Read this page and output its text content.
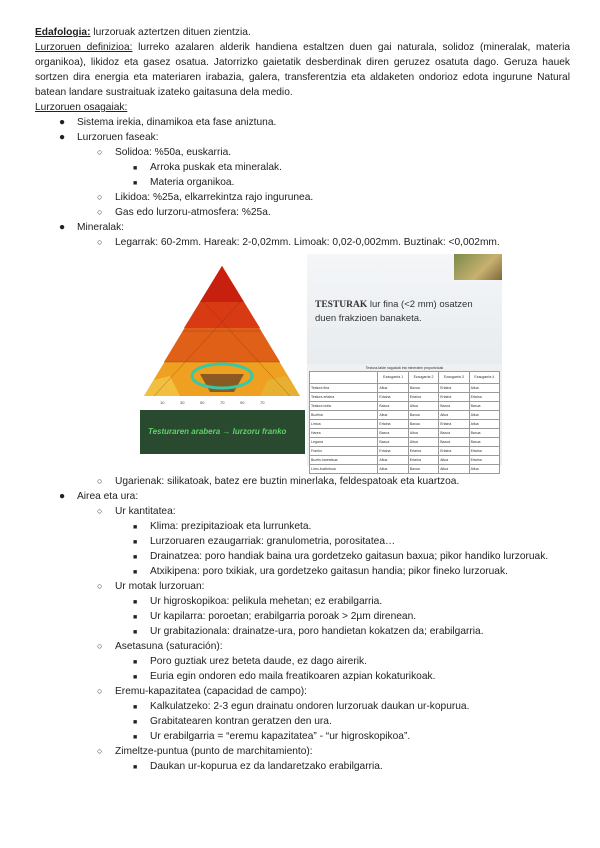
Edafologia: lurzoruak aztertzen dituen zientzia.

Lurzoruen definizioa: lurreko azalaren alderik handiena estaltzen duen gai naturala, solidoz (mineralak, materia organikoa), likidoz eta gasez osatua. Jatorrizko gaietatik desberdinak diren geruzez osatuta dago. Geruza hauek sortzen dira energia eta materiaren irabazia, galera, transferentzia eta aldaketen ondorioz edota ingurune Natural batean landare sustraituak izateko gaitasuna dela medio.

Lurzoruen osagaiak:

● Sistema irekia, dinamikoa eta fase aniztuna.
● Lurzoruen faseak:
○ Solidoa: %50a, euskarria.
■ Arroka puskak eta mineralak.
■ Materia organikoa.
○ Likidoa: %25a, elkarrekintza rajo ingurunea.
○ Gas edo lurzoru-atmosfera: %25a.
● Mineralak:
○ Legarrak: 60-2mm. Hareak: 2-0,02mm. Limoak: 0,02-0,002mm. Buztinak: <0,002mm.
10	30	50	70	90	70
Testuraren arabera → lurzoru franko
TESTURAK lur fina (<2 mm) osatzen duen frakzioen banaketa.
Testura-talde nagusiak eta mineralen proportzioak
	Ezaugarria 1	Ezaugarria 2	Ezaugarria 3	Ezaugarria 4
Testura fina	Altua	Baxua	Ertaina	Altua
Testura ertaina	Ertaina	Ertaina	Ertaina	Ertaina
Testura lodia	Baxua	Altua	Baxua	Baxua
Buztina	Altua	Baxua	Altua	Altua
Limoa	Ertaina	Baxua	Ertaina	Altua
Harea	Baxua	Altua	Baxua	Baxua
Legarra	Baxua	Altua	Baxua	Baxua
Franko	Ertaina	Ertaina	Ertaina	Ertaina
Buztin-hareatsua	Altua	Ertaina	Altua	Ertaina
Limo-buztintsua	Altua	Baxua	Altua	Altua
○ Ugarienak: silikatoak, batez ere buztin minerlaka, feldespatoak eta kuartzoa.
● Airea eta ura:
○ Ur kantitatea:
■ Klima: prezipitazioak eta lurrunketa.
■ Lurzoruaren ezaugarriak: granulometria, porositatea…
■ Drainatzea: poro handiak baina ura gordetzeko gaitasun baxua; pikor handiko lurzoruak.
■ Atxikipena: poro txikiak, ura gordetzeko gaitasun handia; pikor fineko lurzoruak.
○ Ur motak lurzoruan:
■ Ur higroskopikoa: pelikula mehetan; ez erabilgarria.
■ Ur kapilarra: poroetan; erabilgarria poroak > 2µm direnean.
■ Ur grabitazionala: drainatze-ura, poro handietan kokatzen da; erabilgarria.
○ Asetasuna (saturación):
■ Poro guztiak urez beteta daude, ez dago airerik.
■ Euria egin ondoren edo maila freatikoaren azpian kokaturikoak.
○ Eremu-kapazitatea (capacidad de campo):
■ Kalkulatzeko: 2-3 egun drainatu ondoren lurzoruak daukan ur-kopurua.
■ Grabitatearen kontran geratzen den ura.
■ Ur erabilgarria = “eremu kapazitatea” - “ur higroskopikoa”.
○ Zimeltze-puntua (punto de marchitamiento):
■ Daukan ur-kopurua ez da landaretzako erabilgarria.
